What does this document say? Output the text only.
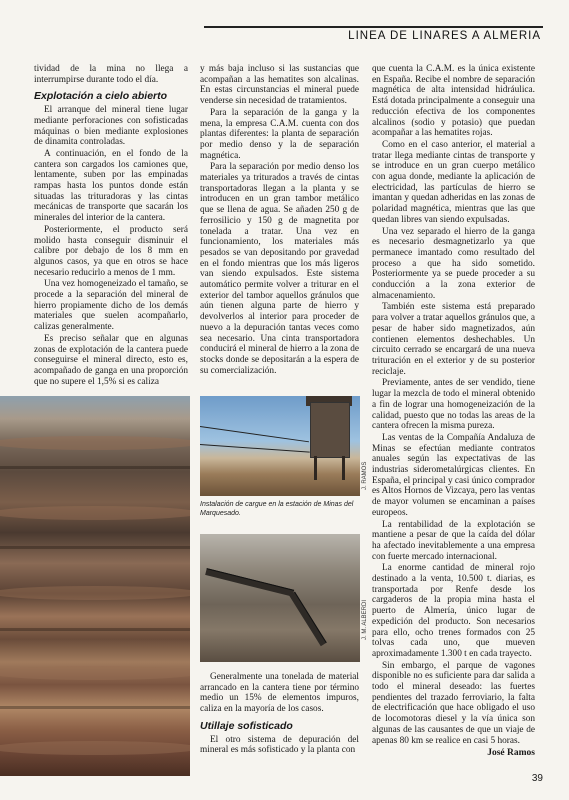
LINEA DE LINARES A ALMERIA

tividad de la mina no llega a interrumpirse durante todo el día.

Explotación a cielo abierto

El arranque del mineral tiene lugar mediante perforaciones con sofisticadas máquinas o bien mediante explosiones de dinamita controladas.

A continuación, en el fondo de la cantera son cargados los camiones que, lentamente, suben por las empinadas rampas hasta los puntos donde están situadas las trituradoras y las cintas mecánicas de transporte que sacarán los minerales del interior de la cantera.

Posteriormente, el producto será molido hasta conseguir disminuir el calibre por debajo de los 8 mm en algunos casos, ya que en otros se hace necesario reducirlo a menos de 1 mm.

Una vez homogeneizado el tamaño, se procede a la separación del mineral de hierro propiamente dicho de los demás materiales que suelen acompañarlo, calizas generalmente.

Es preciso señalar que en algunas zonas de explotación de la cantera puede conseguirse el mineral directo, esto es, acompañado de ganga en una proporción que no supere el 1,5% si es caliza

y más baja incluso si las sustancias que acompañan a las hematites son alcalinas. En estas circunstancias el mineral puede venderse sin necesidad de tratamientos.

Para la separación de la ganga y la mena, la empresa C.A.M. cuenta con dos plantas diferentes: la planta de separación por medio denso y la de separación magnética.

Para la separación por medio denso los materiales ya triturados a través de cintas transportadoras llegan a la planta y se introducen en un gran tambor metálico que se llena de agua. Se añaden 250 g de ferrosilicio y 150 g de magnetita por tonelada a tratar. Una vez en funcionamiento, los materiales más pesados se van depositando por gravedad en el fondo mientras que los más ligeros van siendo expulsados. Este sistema automático permite volver a triturar en el exterior del tambor aquellos gránulos que aún tienen alguna parte de hierro y devolverlos al interior para proceder de nuevo a la depuración tantas veces como sea necesario. Una cinta transportadora conducirá el mineral de hierro a la zona de stocks donde se depositarán a la espera de su comercialización.

J. RAMOS
Instalación de cargue en la estación de Minas del Marquesado.
J. M. ALBERDI

Generalmente una tonelada de material arrancado en la cantera tiene por término medio un 15% de elementos impuros, caliza en la mayoría de los casos.

Utillaje sofisticado

El otro sistema de depuración del mineral es más sofisticado y la planta con

que cuenta la C.A.M. es la única existente en España. Recibe el nombre de separación magnética de alta intensidad hidráulica. Está dotada principalmente a conseguir una reducción efectiva de los componentes alcalinos (sodio y potasio) que puedan acompañar a las hematites rojas.

Como en el caso anterior, el material a tratar llega mediante cintas de transporte y se introduce en un gran cuerpo metálico con agua donde, mediante la aplicación de electricidad, las partículas de hierro se imantan y quedan adheridas en las zonas de polaridad magnética, mientras que las que quedan libres van siendo expulsadas.

Una vez separado el hierro de la ganga es necesario desmagnetizarlo ya que permanece imantado como resultado del proceso a que ha sido sometido. Posteriormente ya se puede proceder a su conducción a la zona exterior de almacenamiento.

También este sistema está preparado para volver a tratar aquellos gránulos que, a pesar de haber sido magnetizados, aún contienen elementos deshechables. Un circuito cerrado se encargará de una nueva trituración en el exterior y de su posterior reciclaje.

Previamente, antes de ser vendido, tiene lugar la mezcla de todo el mineral obtenido a fin de lograr una homogeneización de la calidad, puesto que no todas las areas de la cantera ofrecen la misma pureza.

Las ventas de la Compañía Andaluza de Minas se efectúan mediante contratos anuales según las expectativas de las industrias siderometalúrgicas clientes. En España, el principal y casi único comprador es Altos Hornos de Vizcaya, pero las ventas de mayor volumen se encaminan a países europeos.

La rentabilidad de la explotación se mantiene a pesar de que la caída del dólar ha afectado inevitablemente a una empresa con fuerte mercado internacional.

La enorme cantidad de mineral rojo destinado a la venta, 10.500 t. diarias, es transportada por Renfe desde los cargaderos de la propia mina hasta el puerto de Almería, único lugar de expedición del producto. Son necesarios para ello, ocho trenes formados con 25 tolvas cada uno, que mueven aproximadamente 1.300 t en cada trayecto.

Sin embargo, el parque de vagones disponible no es suficiente para dar salida a todo el mineral deseado: las fuertes pendientes del trazado ferroviario, la falta de electrificación que hace obligado el uso de locomotoras diesel y la vía única son algunas de las causantes de que un viaje de apenas 80 km se realice en casi 5 horas.

José Ramos
39
